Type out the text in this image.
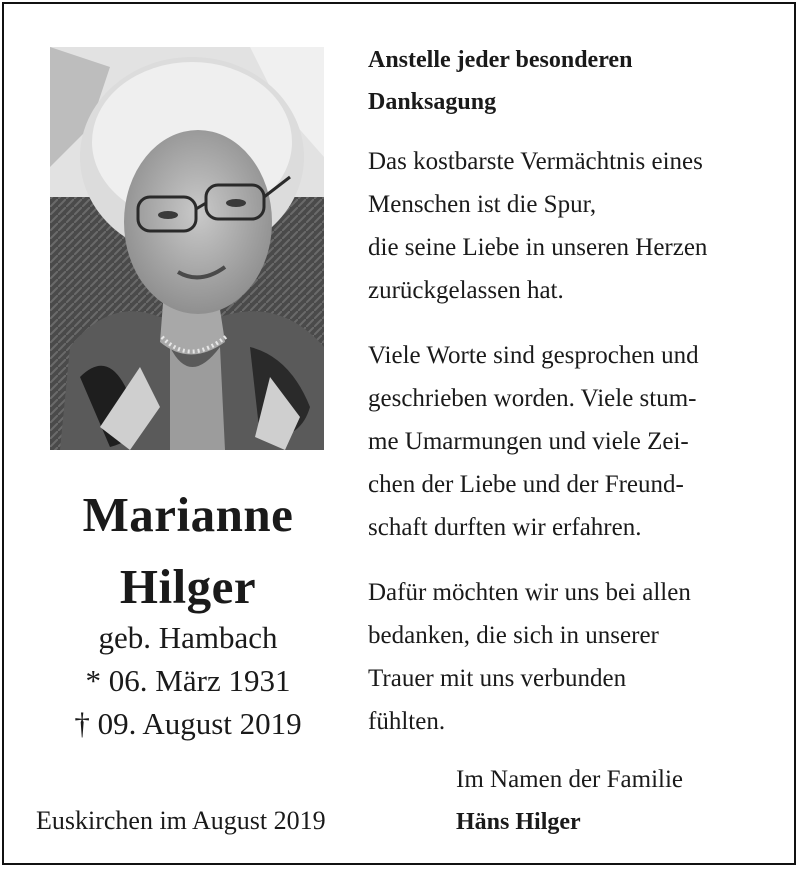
Marianne
Hilger
geb. Hambach
* 06. März 1931
† 09. August 2019
Euskirchen im August 2019
Anstelle jeder besonderen
Danksagung
Das kostbarste Vermächtnis eines
Menschen ist die Spur,
die seine Liebe in unseren Herzen
zurückgelassen hat.
Viele Worte sind gesprochen und
geschrieben worden. Viele stum-
me Umarmungen und viele Zei-
chen der Liebe und der Freund-
schaft durften wir erfahren.
Dafür möchten wir uns bei allen
bedanken, die sich in unserer
Trauer mit uns verbunden
fühlten.
Im Namen der Familie
Häns Hilger
